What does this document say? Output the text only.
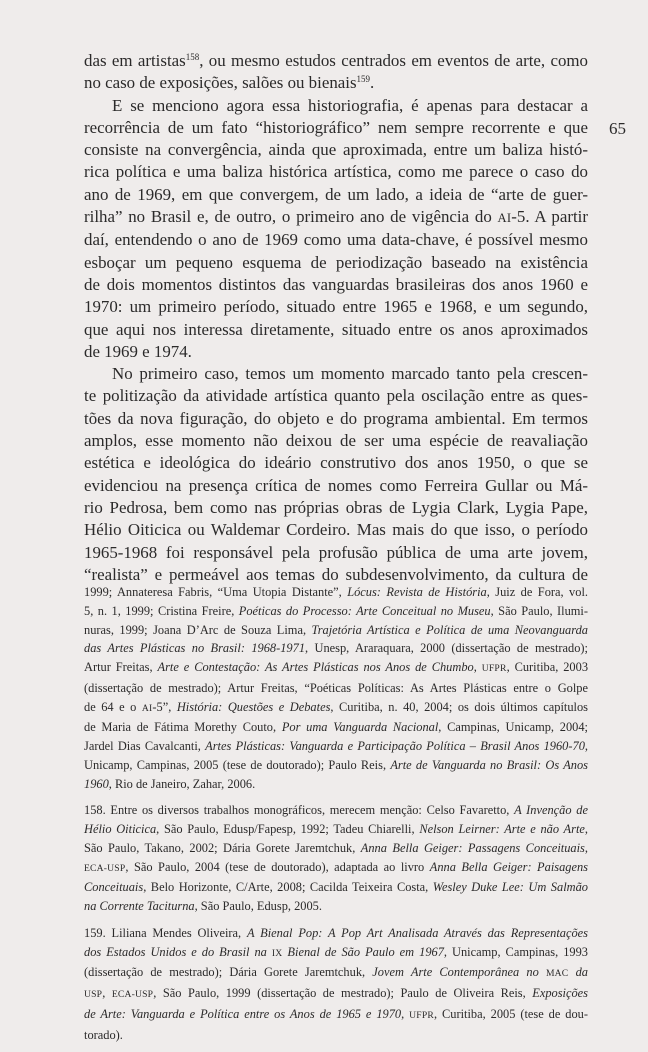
65

das em artistas$^{158}$, ou mesmo estudos centrados em eventos de arte, como
no caso de exposições, salões ou bienais$^{159}$.

E se menciono agora essa historiografia, é apenas para destacar a
recorrência de um fato “historiográfico” nem sempre recorrente e que
consiste na convergência, ainda que aproximada, entre um baliza histó-
rica política e uma baliza histórica artística, como me parece o caso do
ano de 1969, em que convergem, de um lado, a ideia de “arte de guer-
rilha” no Brasil e, de outro, o primeiro ano de vigência do AI-5. A partir
daí, entendendo o ano de 1969 como uma data-chave, é possível mesmo
esboçar um pequeno esquema de periodização baseado na existência
de dois momentos distintos das vanguardas brasileiras dos anos 1960 e
1970: um primeiro período, situado entre 1965 e 1968, e um segundo,
que aqui nos interessa diretamente, situado entre os anos aproximados
de 1969 e 1974.

No primeiro caso, temos um momento marcado tanto pela crescen-
te politização da atividade artística quanto pela oscilação entre as ques-
tões da nova figuração, do objeto e do programa ambiental. Em termos
amplos, esse momento não deixou de ser uma espécie de reavaliação
estética e ideológica do ideário construtivo dos anos 1950, o que se
evidenciou na presença crítica de nomes como Ferreira Gullar ou Má-
rio Pedrosa, bem como nas próprias obras de Lygia Clark, Lygia Pape,
Hélio Oiticica ou Waldemar Cordeiro. Mas mais do que isso, o período
1965-1968 foi responsável pela profusão pública de uma arte jovem,
“realista” e permeável aos temas do subdesenvolvimento, da cultura de

1999; Annateresa Fabris, “Uma Utopia Distante”, Lócus: Revista de História, Juiz de Fora, vol.
5, n. 1, 1999; Cristina Freire, Poéticas do Processo: Arte Conceitual no Museu, São Paulo, Ilumi-
nuras, 1999; Joana D’Arc de Souza Lima, Trajetória Artística e Política de uma Neovanguarda
das Artes Plásticas no Brasil: 1968-1971, Unesp, Araraquara, 2000 (dissertação de mestrado);
Artur Freitas, Arte e Contestação: As Artes Plásticas nos Anos de Chumbo, UFPR, Curitiba, 2003
(dissertação de mestrado); Artur Freitas, “Poéticas Políticas: As Artes Plásticas entre o Golpe
de 64 e o AI-5”, História: Questões e Debates, Curitiba, n. 40, 2004; os dois últimos capítulos
de Maria de Fátima Morethy Couto, Por uma Vanguarda Nacional, Campinas, Unicamp, 2004;
Jardel Dias Cavalcanti, Artes Plásticas: Vanguarda e Participação Política – Brasil Anos 1960-70,
Unicamp, Campinas, 2005 (tese de doutorado); Paulo Reis, Arte de Vanguarda no Brasil: Os Anos
1960, Rio de Janeiro, Zahar, 2006.
158. Entre os diversos trabalhos monográficos, merecem menção: Celso Favaretto, A Invenção de
Hélio Oiticica, São Paulo, Edusp/Fapesp, 1992; Tadeu Chiarelli, Nelson Leirner: Arte e não Arte,
São Paulo, Takano, 2002; Dária Gorete Jaremtchuk, Anna Bella Geiger: Passagens Conceituais,
ECA-USP, São Paulo, 2004 (tese de doutorado), adaptada ao livro Anna Bella Geiger: Paisagens
Conceituais, Belo Horizonte, C/Arte, 2008; Cacilda Teixeira Costa, Wesley Duke Lee: Um Salmão
na Corrente Taciturna, São Paulo, Edusp, 2005.
159. Liliana Mendes Oliveira, A Bienal Pop: A Pop Art Analisada Através das Representações
dos Estados Unidos e do Brasil na IX Bienal de São Paulo em 1967, Unicamp, Campinas, 1993
(dissertação de mestrado); Dária Gorete Jaremtchuk, Jovem Arte Contemporânea no MAC da
USP, ECA-USP, São Paulo, 1999 (dissertação de mestrado); Paulo de Oliveira Reis, Exposições
de Arte: Vanguarda e Política entre os Anos de 1965 e 1970, UFPR, Curitiba, 2005 (tese de dou-
torado).
